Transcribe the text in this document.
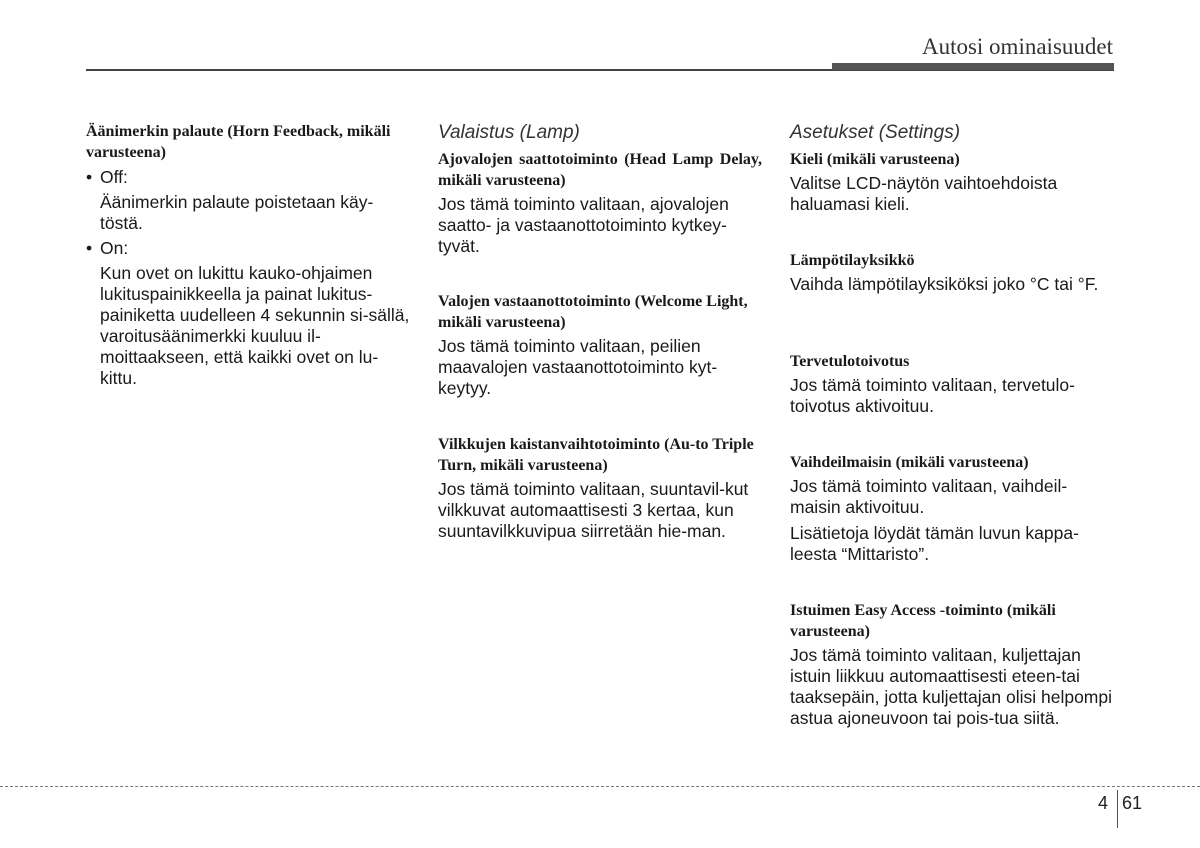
Autosi ominaisuudet

Äänimerkin palaute (Horn Feedback, mikäli varusteena)

• Off:

Äänimerkin palaute poistetaan käy-töstä.

• On:

Kun ovet on lukittu kauko-ohjaimen lukituspainikkeella ja painat lukitus-painiketta uudelleen 4 sekunnin si-sällä, varoitusäänimerkki kuuluu il-moittaakseen, että kaikki ovet on lu-kittu.

Valaistus (Lamp)

Ajovalojen saattotoiminto (Head Lamp Delay, mikäli varusteena)

Jos tämä toiminto valitaan, ajovalojen saatto- ja vastaanottotoiminto kytkey-tyvät.

Valojen vastaanottotoiminto (Welcome Light, mikäli varusteena)

Jos tämä toiminto valitaan, peilien maavalojen vastaanottotoiminto kyt-keytyy.

Vilkkujen kaistanvaihtotoiminto (Au-to Triple Turn, mikäli varusteena)

Jos tämä toiminto valitaan, suuntavil-kut vilkkuvat automaattisesti 3 kertaa, kun suuntavilkkuvipua siirretään hie-man.

Asetukset (Settings)

Kieli (mikäli varusteena)

Valitse LCD-näytön vaihtoehdoista haluamasi kieli.

Lämpötilayksikkö

Vaihda lämpötilayksiköksi joko °C tai °F.

Tervetulotoivotus

Jos tämä toiminto valitaan, tervetulo-toivotus aktivoituu.

Vaihdeilmaisin (mikäli varusteena)

Jos tämä toiminto valitaan, vaihdeil-maisin aktivoituu.

Lisätietoja löydät tämän luvun kappa-leesta “Mittaristo”.

Istuimen Easy Access -toiminto (mikäli varusteena)

Jos tämä toiminto valitaan, kuljettajan istuin liikkuu automaattisesti eteen-tai taaksepäin, jotta kuljettajan olisi helpompi astua ajoneuvoon tai pois-tua siitä.

4 61
